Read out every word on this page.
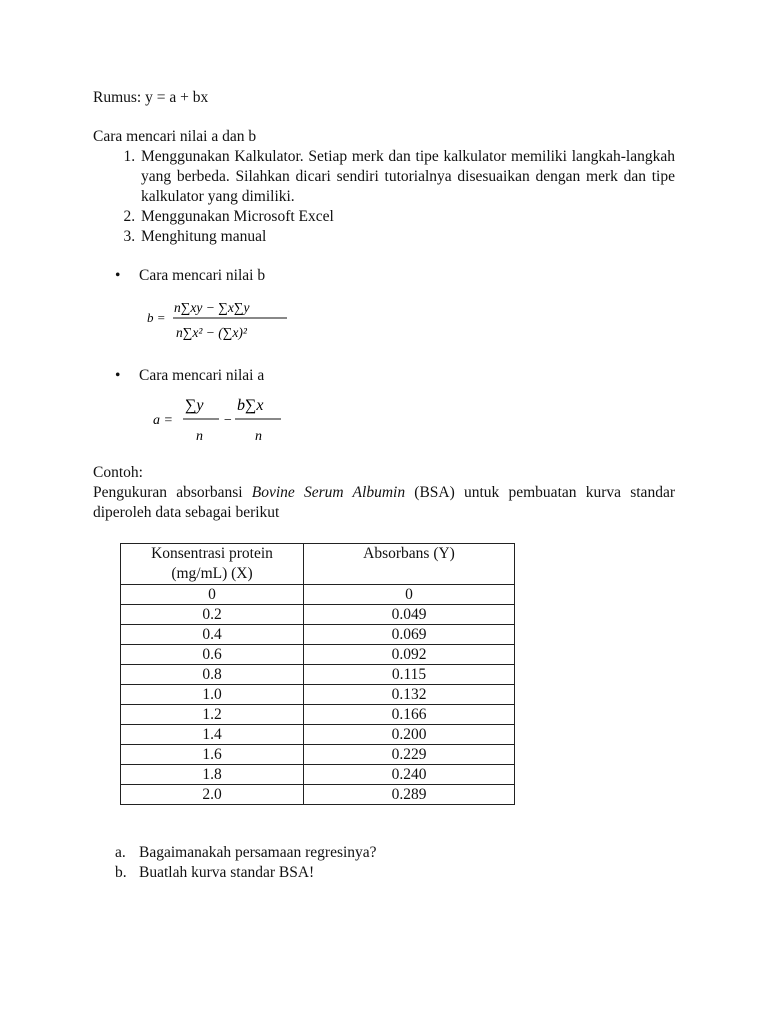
Rumus: y = a + bx

Cara mencari nilai a dan b

1. Menggunakan Kalkulator. Setiap merk dan tipe kalkulator memiliki langkah-langkah yang berbeda. Silahkan dicari sendiri tutorialnya disesuaikan dengan merk dan tipe kalkulator yang dimiliki.
2. Menggunakan Microsoft Excel
3. Menghitung manual
• Cara mencari nilai b
b =
n∑xy − ∑x∑y
n∑x² − (∑x)²
• Cara mencari nilai a
a =
∑y
n
−
b∑x
n

Contoh:

Pengukuran absorbansi Bovine Serum Albumin (BSA) untuk pembuatan kurva standar diperoleh data sebagai berikut

Konsentrasi protein
(mg/mL) (X)	Absorbans (Y)
0	0
0.2	0.049
0.4	0.069
0.6	0.092
0.8	0.115
1.0	0.132
1.2	0.166
1.4	0.200
1.6	0.229
1.8	0.240
2.0	0.289
a. Bagaimanakah persamaan regresinya?
b. Buatlah kurva standar BSA!
